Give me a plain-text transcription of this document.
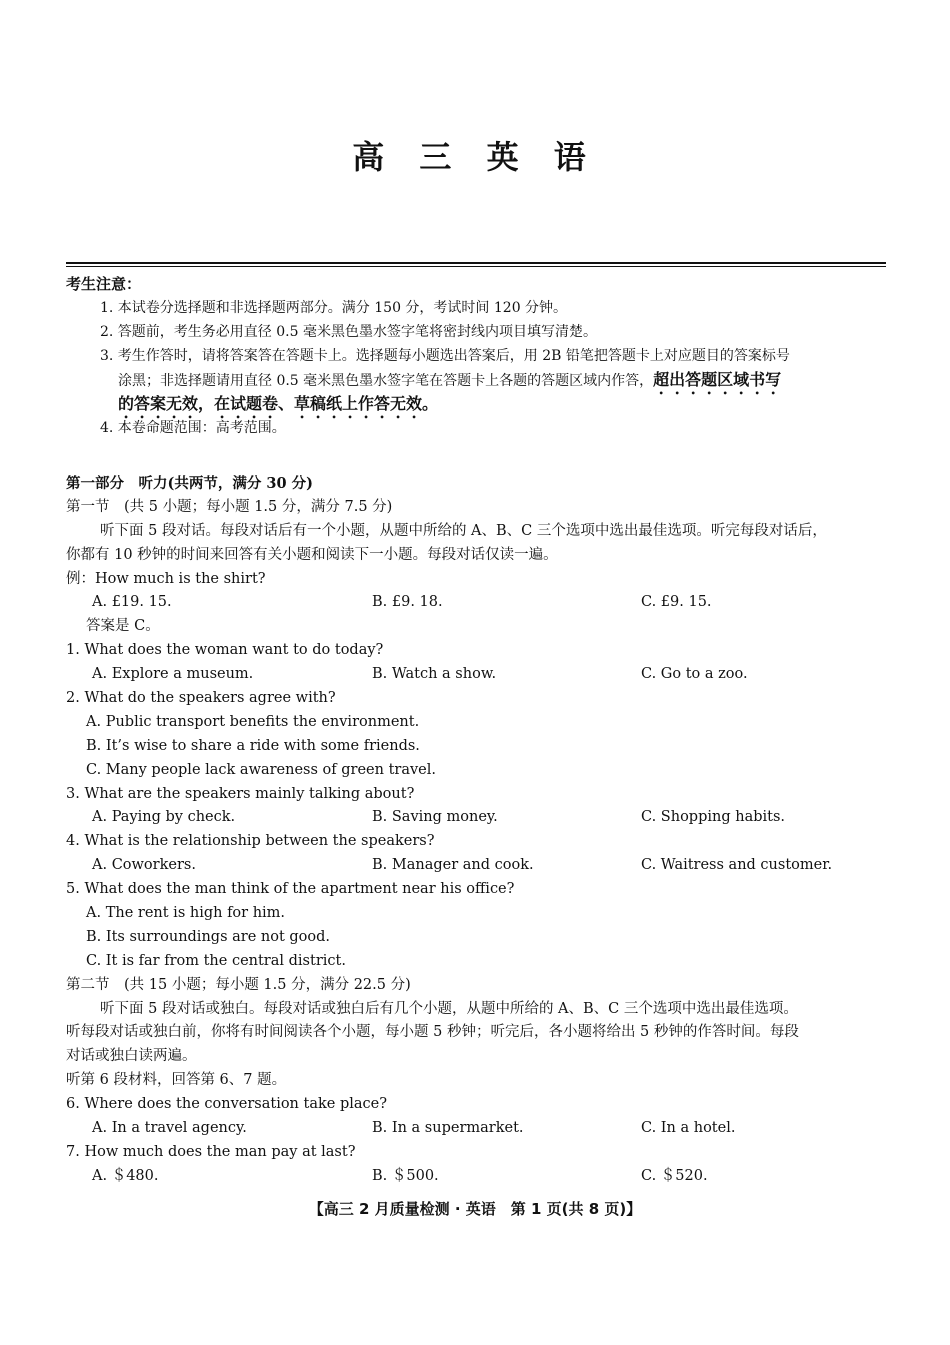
高 三 英 语
考生注意：
1. 本试卷分选择题和非选择题两部分。满分 150 分，考试时间 120 分钟。
2. 答题前，考生务必用直径 0.5 毫米黑色墨水签字笔将密封线内项目填写清楚。
3. 考生作答时，请将答案答在答题卡上。选择题每小题选出答案后，用 2B 铅笔把答题卡上对应题目的答案标号
涂黑；非选择题请用直径 0.5 毫米黑色墨水签字笔在答题卡上各题的答题区域内作答，超出答题区域书写
的答案无效，在试题卷、草稿纸上作答无效。
4. 本卷命题范围：高考范围。
第一部分　听力(共两节，满分 30 分)
第一节　(共 5 小题；每小题 1.5 分，满分 7.5 分)
听下面 5 段对话。每段对话后有一个小题，从题中所给的 A、B、C 三个选项中选出最佳选项。听完每段对话后，
你都有 10 秒钟的时间来回答有关小题和阅读下一小题。每段对话仅读一遍。
例：How much is the shirt?
A. £19. 15.	B. £9. 18.	C. £9. 15.
答案是 C。
1. What does the woman want to do today?
A. Explore a museum.	B. Watch a show.	C. Go to a zoo.
2. What do the speakers agree with?
A. Public transport benefits the environment.
B. It’s wise to share a ride with some friends.
C. Many people lack awareness of green travel.
3. What are the speakers mainly talking about?
A. Paying by check.	B. Saving money.	C. Shopping habits.
4. What is the relationship between the speakers?
A. Coworkers.	B. Manager and cook.	C. Waitress and customer.
5. What does the man think of the apartment near his office?
A. The rent is high for him.
B. Its surroundings are not good.
C. It is far from the central district.
第二节　(共 15 小题；每小题 1.5 分，满分 22.5 分)
听下面 5 段对话或独白。每段对话或独白后有几个小题，从题中所给的 A、B、C 三个选项中选出最佳选项。
听每段对话或独白前，你将有时间阅读各个小题，每小题 5 秒钟；听完后，各小题将给出 5 秒钟的作答时间。每段
对话或独白读两遍。
听第 6 段材料，回答第 6、7 题。
6. Where does the conversation take place?
A. In a travel agency.	B. In a supermarket.	C. In a hotel.
7. How much does the man pay at last?
A. ＄480.	B. ＄500.	C. ＄520.
【高三 2 月质量检测 · 英语　第 1 页(共 8 页)】
